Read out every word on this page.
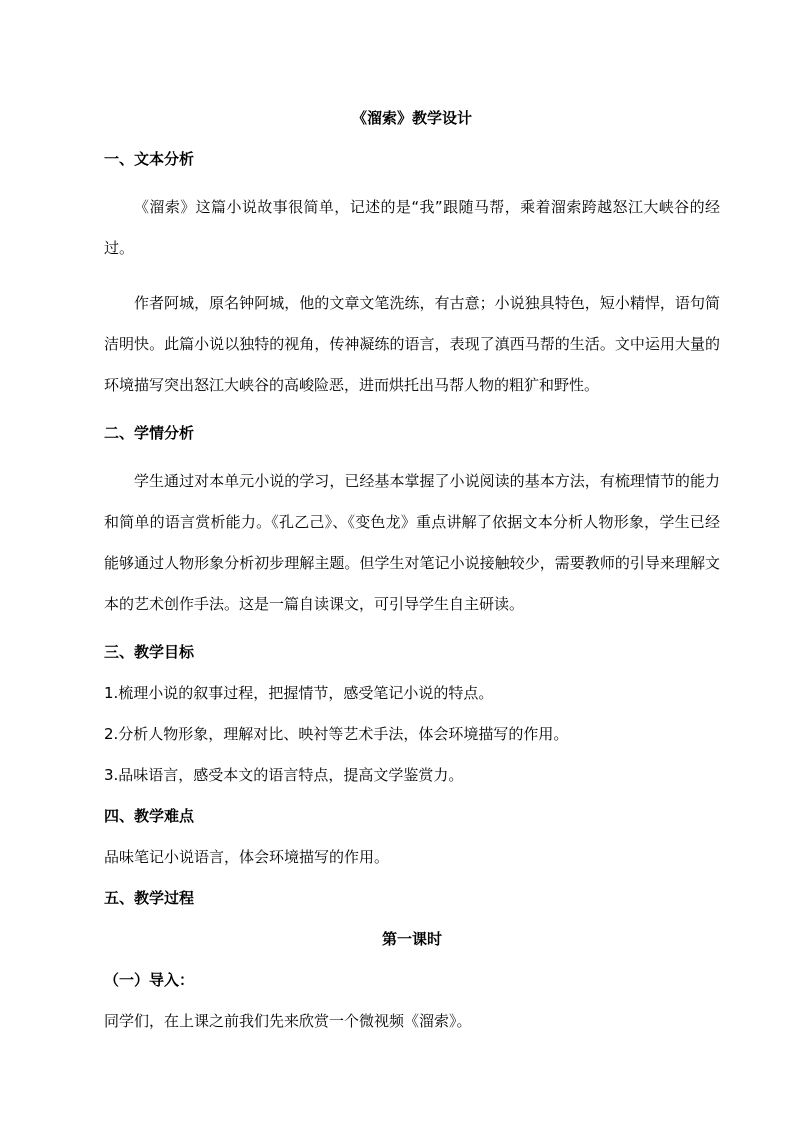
《溜索》教学设计
一、文本分析
《溜索》这篇小说故事很简单，记述的是“我”跟随马帮，乘着溜索跨越怒江大峡谷的经过。
作者阿城，原名钟阿城，他的文章文笔洗练，有古意；小说独具特色，短小精悍，语句简洁明快。此篇小说以独特的视角，传神凝练的语言，表现了滇西马帮的生活。文中运用大量的环境描写突出怒江大峡谷的高峻险恶，进而烘托出马帮人物的粗犷和野性。
二、学情分析
学生通过对本单元小说的学习，已经基本掌握了小说阅读的基本方法，有梳理情节的能力和简单的语言赏析能力。《孔乙己》、《变色龙》重点讲解了依据文本分析人物形象，学生已经能够通过人物形象分析初步理解主题。但学生对笔记小说接触较少，需要教师的引导来理解文本的艺术创作手法。这是一篇自读课文，可引导学生自主研读。
三、教学目标
1.梳理小说的叙事过程，把握情节，感受笔记小说的特点。
2.分析人物形象，理解对比、映衬等艺术手法，体会环境描写的作用。
3.品味语言，感受本文的语言特点，提高文学鉴赏力。
四、教学难点
品味笔记小说语言，体会环境描写的作用。
五、教学过程
第一课时
（一）导入：
同学们，在上课之前我们先来欣赏一个微视频《溜索》。
